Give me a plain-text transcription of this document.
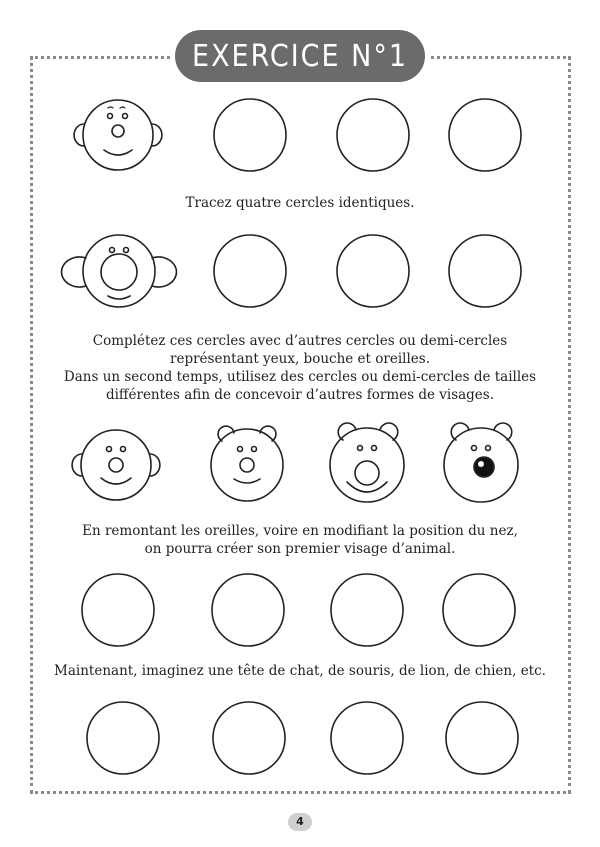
EXERCICE N°1
Tracez quatre cercles identiques.
Complétez ces cercles avec d’autres cercles ou demi-cercles
représentant yeux, bouche et oreilles.
Dans un second temps, utilisez des cercles ou demi-cercles de tailles
différentes afin de concevoir d’autres formes de visages.
En remontant les oreilles, voire en modifiant la position du nez,
on pourra créer son premier visage d’animal.
Maintenant, imaginez une tête de chat, de souris, de lion, de chien, etc.
4
